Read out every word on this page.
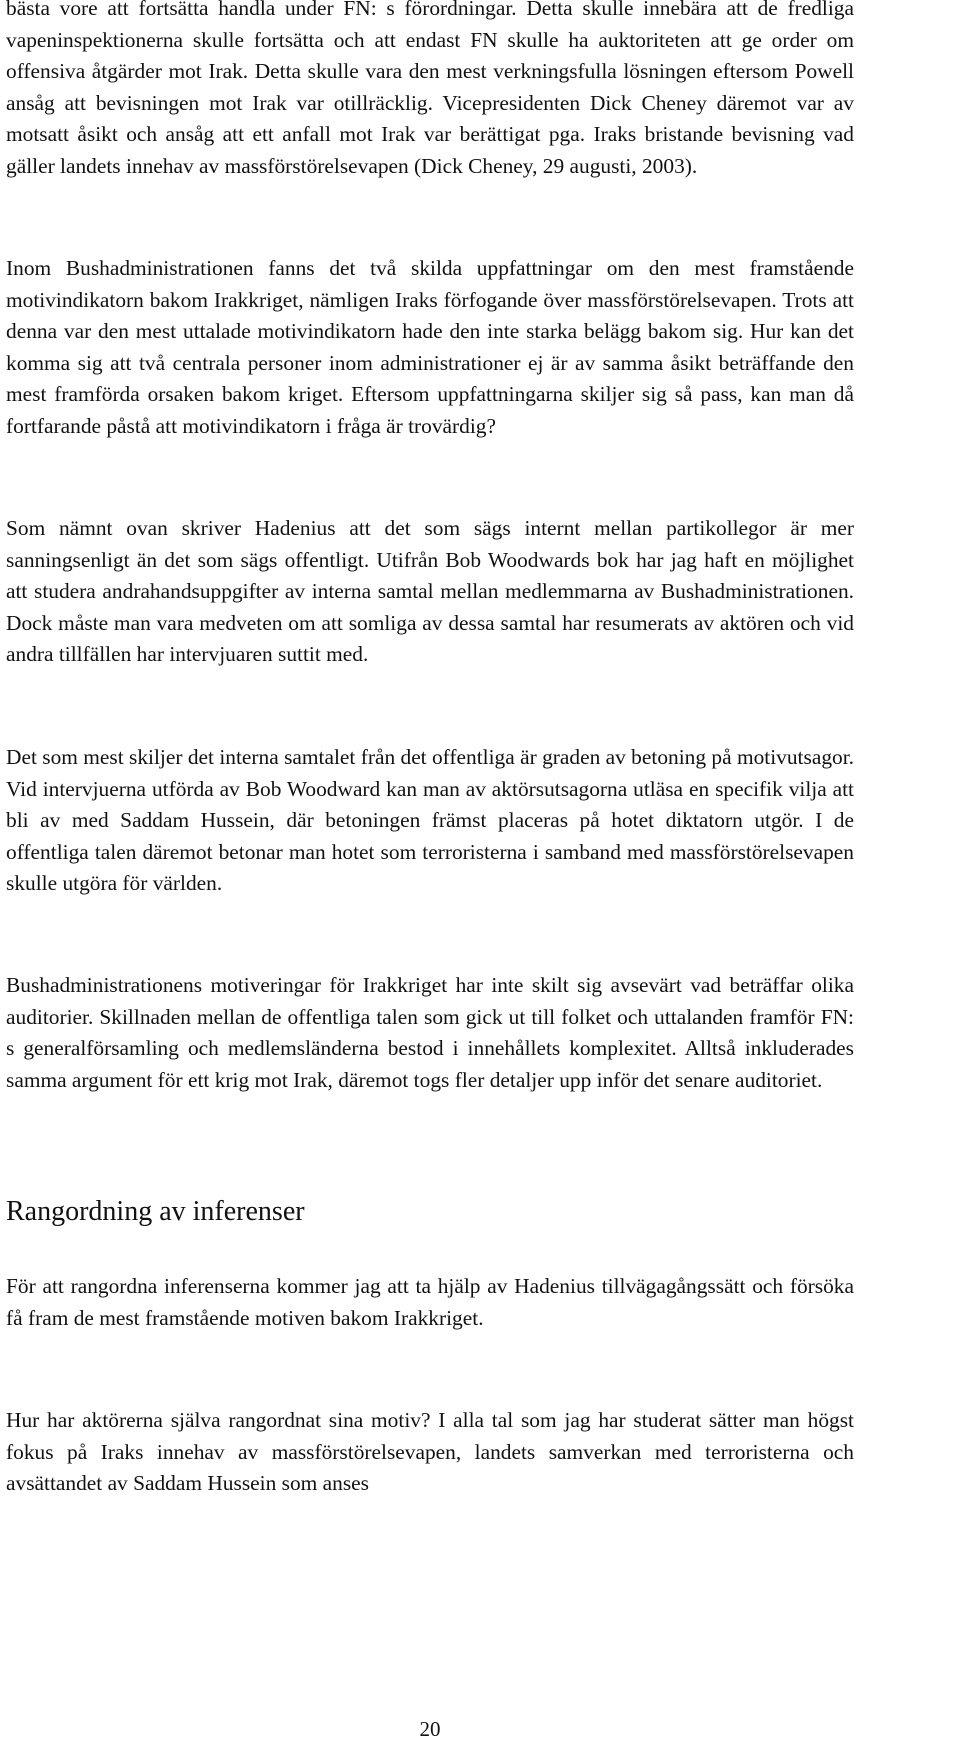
bästa vore att fortsätta handla under FN: s förordningar. Detta skulle innebära att de fredliga vapeninspektionerna skulle fortsätta och att endast FN skulle ha auktoriteten att ge order om offensiva åtgärder mot Irak. Detta skulle vara den mest verkningsfulla lösningen eftersom Powell ansåg att bevisningen mot Irak var otillräcklig. Vicepresidenten Dick Cheney däremot var av motsatt åsikt och ansåg att ett anfall mot Irak var berättigat pga. Iraks bristande bevisning vad gäller landets innehav av massförstörelsevapen (Dick Cheney, 29 augusti, 2003).

Inom Bushadministrationen fanns det två skilda uppfattningar om den mest framstående motivindikatorn bakom Irakkriget, nämligen Iraks förfogande över massförstörelsevapen. Trots att denna var den mest uttalade motivindikatorn hade den inte starka belägg bakom sig. Hur kan det komma sig att två centrala personer inom administrationer ej är av samma åsikt beträffande den mest framförda orsaken bakom kriget. Eftersom uppfattningarna skiljer sig så pass, kan man då fortfarande påstå att motivindikatorn i fråga är trovärdig?

Som nämnt ovan skriver Hadenius att det som sägs internt mellan partikollegor är mer sanningsenligt än det som sägs offentligt. Utifrån Bob Woodwards bok har jag haft en möjlighet att studera andrahandsuppgifter av interna samtal mellan medlemmarna av Bushadministrationen. Dock måste man vara medveten om att somliga av dessa samtal har resumerats av aktören och vid andra tillfällen har intervjuaren suttit med.

Det som mest skiljer det interna samtalet från det offentliga är graden av betoning på motivutsagor. Vid intervjuerna utförda av Bob Woodward kan man av aktörsutsagorna utläsa en specifik vilja att bli av med Saddam Hussein, där betoningen främst placeras på hotet diktatorn utgör. I de offentliga talen däremot betonar man hotet som terroristerna i samband med massförstörelsevapen skulle utgöra för världen.

Bushadministrationens motiveringar för Irakkriget har inte skilt sig avsevärt vad beträffar olika auditorier. Skillnaden mellan de offentliga talen som gick ut till folket och uttalanden framför FN: s generalförsamling och medlemsländerna bestod i innehållets komplexitet. Alltså inkluderades samma argument för ett krig mot Irak, däremot togs fler detaljer upp inför det senare auditoriet.

Rangordning av inferenser

För att rangordna inferenserna kommer jag att ta hjälp av Hadenius tillvägagångssätt och försöka få fram de mest framstående motiven bakom Irakkriget.

Hur har aktörerna själva rangordnat sina motiv? I alla tal som jag har studerat sätter man högst fokus på Iraks innehav av massförstörelsevapen, landets samverkan med terroristerna och avsättandet av Saddam Hussein som anses

20
